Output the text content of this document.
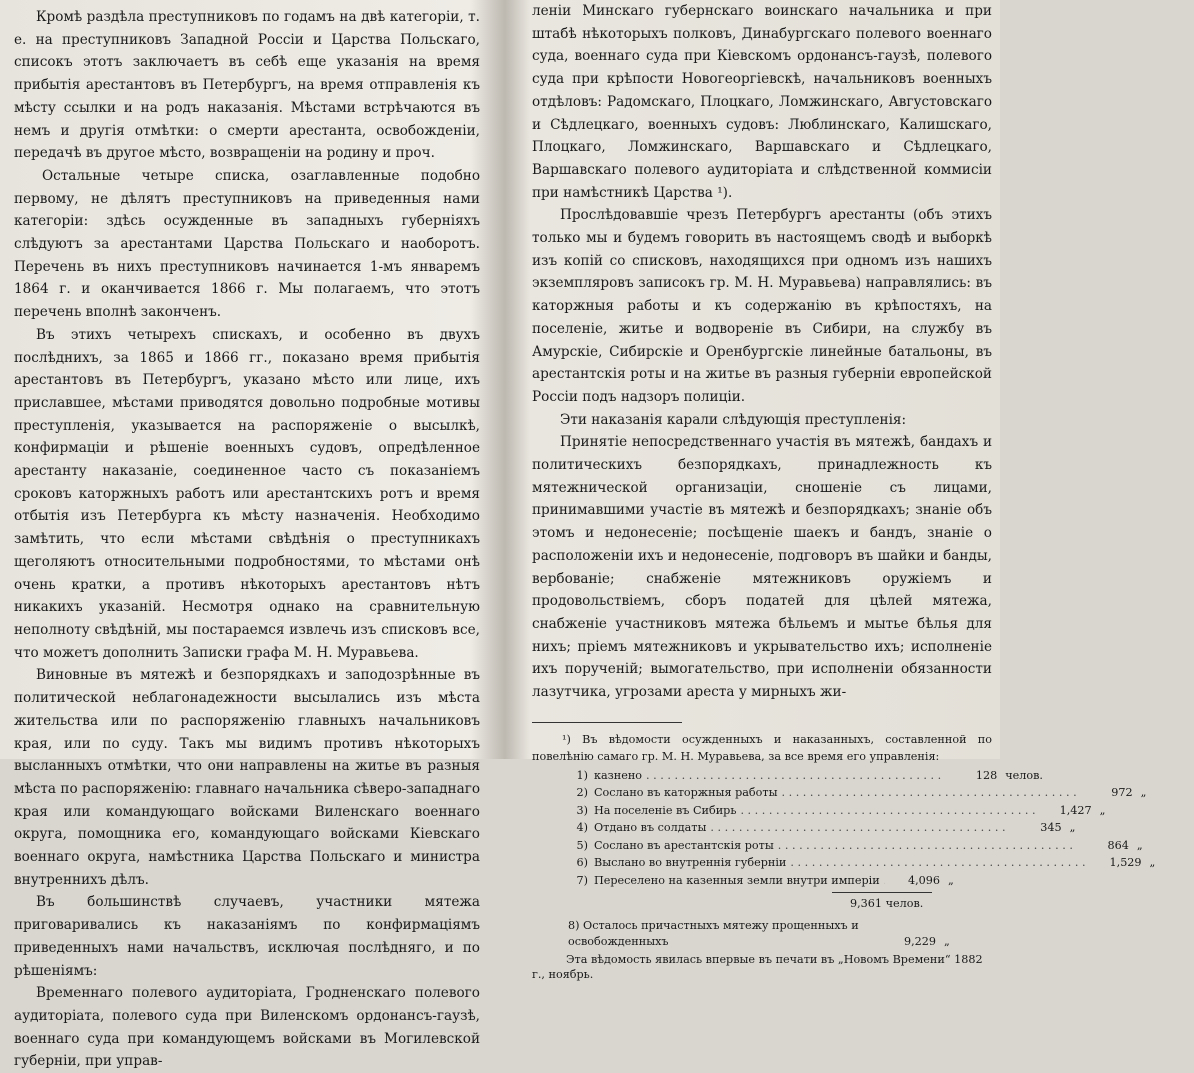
Кромѣ раздѣла преступниковъ по годамъ на двѣ категоріи, т. е. на преступниковъ Западной Россіи и Царства Польскаго, списокъ этотъ заключаетъ въ себѣ еще указанія на время прибытія арестантовъ въ Петербургъ, на время отправленія къ мѣсту ссылки и на родъ наказанія. Мѣстами встрѣчаются въ немъ и другія отмѣтки: о смерти арестанта, освобожденіи, передачѣ въ другое мѣсто, возвращеніи на родину и проч.

Остальные четыре списка, озаглавленные подобно первому, не дѣлятъ преступниковъ на приведенныя нами категоріи: здѣсь осужденные въ западныхъ губерніяхъ слѣдуютъ за арестантами Царства Польскаго и наоборотъ. Перечень въ нихъ преступниковъ начинается 1-мъ январемъ 1864 г. и оканчивается 1866 г. Мы полагаемъ, что этотъ перечень вполнѣ законченъ.

Въ этихъ четырехъ спискахъ, и особенно въ двухъ послѣднихъ, за 1865 и 1866 гг., показано время прибытія арестантовъ въ Петербургъ, указано мѣсто или лице, ихъ приславшее, мѣстами приводятся довольно подробные мотивы преступленія, указывается на распоряженіе о высылкѣ, конфирмаціи и рѣшеніе военныхъ судовъ, опредѣленное арестанту наказаніе, соединенное часто съ показаніемъ сроковъ каторжныхъ работъ или арестантскихъ ротъ и время отбытія изъ Петербурга къ мѣсту назначенія. Необходимо замѣтить, что если мѣстами свѣдѣнія о преступникахъ щеголяютъ относительными подробностями, то мѣстами онѣ очень кратки, а противъ нѣкоторыхъ арестантовъ нѣтъ никакихъ указаній. Несмотря однако на сравнительную неполноту свѣдѣній, мы постараемся извлечь изъ списковъ все, что можетъ дополнить Записки графа М. Н. Муравьева.

Виновные въ мятежѣ и безпорядкахъ и заподозрѣнные въ политической неблагонадежности высылались изъ мѣста жительства или по распоряженію главныхъ начальниковъ края, или по суду. Такъ мы видимъ противъ нѣкоторыхъ высланныхъ отмѣтки, что они направлены на житье въ разныя мѣста по распоряженію: главнаго начальника сѣверо-западнаго края или командующаго войсками Виленскаго военнаго округа, помощника его, командующаго войсками Кіевскаго военнаго округа, намѣстника Царства Польскаго и министра внутреннихъ дѣлъ.

Въ большинствѣ случаевъ, участники мятежа приговаривались къ наказаніямъ по конфирмаціямъ приведенныхъ нами начальствъ, исключая послѣдняго, и по рѣшеніямъ:

Временнаго полевого аудиторіата, Гродненскаго полевого аудиторіата, полевого суда при Виленскомъ ордонансъ-гаузѣ, военнаго суда при командующемъ войсками въ Могилевской губерніи, при управ-

леніи Минскаго губернскаго воинскаго начальника и при штабѣ нѣкоторыхъ полковъ, Динабургскаго полевого военнаго суда, военнаго суда при Кіевскомъ ордонансъ-гаузѣ, полевого суда при крѣпости Новогеоргіевскѣ, начальниковъ военныхъ отдѣловъ: Радомскаго, Плоцкаго, Ломжинскаго, Августовскаго и Сѣдлецкаго, военныхъ судовъ: Люблинскаго, Калишскаго, Плоцкаго, Ломжинскаго, Варшавскаго и Сѣдлецкаго, Варшавскаго полевого аудиторіата и слѣдственной коммисіи при намѣстникѣ Царства ¹).

Прослѣдовавшіе чрезъ Петербургъ арестанты (объ этихъ только мы и будемъ говорить въ настоящемъ сводѣ и выборкѣ изъ копій со списковъ, находящихся при одномъ изъ нашихъ экземпляровъ записокъ гр. М. Н. Муравьева) направлялись: въ каторжныя работы и къ содержанію въ крѣпостяхъ, на поселеніе, житье и водвореніе въ Сибири, на службу въ Амурскіе, Сибирскіе и Оренбургскіе линейные батальоны, въ арестантскія роты и на житье въ разныя губерніи европейской Россіи подъ надзоръ полиціи.

Эти наказанія карали слѣдующія преступленія:

Принятіе непосредственнаго участія въ мятежѣ, бандахъ и политическихъ безпорядкахъ, принадлежность къ мятежнической организаціи, сношеніе съ лицами, принимавшими участіе въ мятежѣ и безпорядкахъ; знаніе объ этомъ и недонесеніе; посѣщеніе шаекъ и бандъ, знаніе о расположеніи ихъ и недонесеніе, подговоръ въ шайки и банды, вербованіе; снабженіе мятежниковъ оружіемъ и продовольствіемъ, сборъ податей для цѣлей мятежа, снабженіе участниковъ мятежа бѣльемъ и мытье бѣлья для нихъ; пріемъ мятежниковъ и укрывательство ихъ; исполненіе ихъ порученій; вымогательство, при исполненіи обязанности лазутчика, угрозами ареста у мирныхъ жи-

¹) Въ вѣдомости осужденныхъ и наказанныхъ, составленной по повелѣнію самаго гр. М. Н. Муравьева, за все время его управленія:

1) казнено . . .	128 челов.
2) Сослано въ каторжныя работы . . .	972 „
3) На поселеніе въ Сибирь . . .	1,427 „
4) Отдано въ солдаты . . .	345 „
5) Сослано въ арестантскія роты . . .	864 „
6) Выслано во внутреннія губерніи . . .	1,529 „
7) Переселено на казенныя земли внутри имперіи . . .	4,096 „
9,361 челов.
8) Осталось причастныхъ мятежу прощенныхъ и освобожденныхъ	9,229 „

Эта вѣдомость явилась впервые въ печати въ „Новомъ Времени“ 1882 г., ноябрь.
